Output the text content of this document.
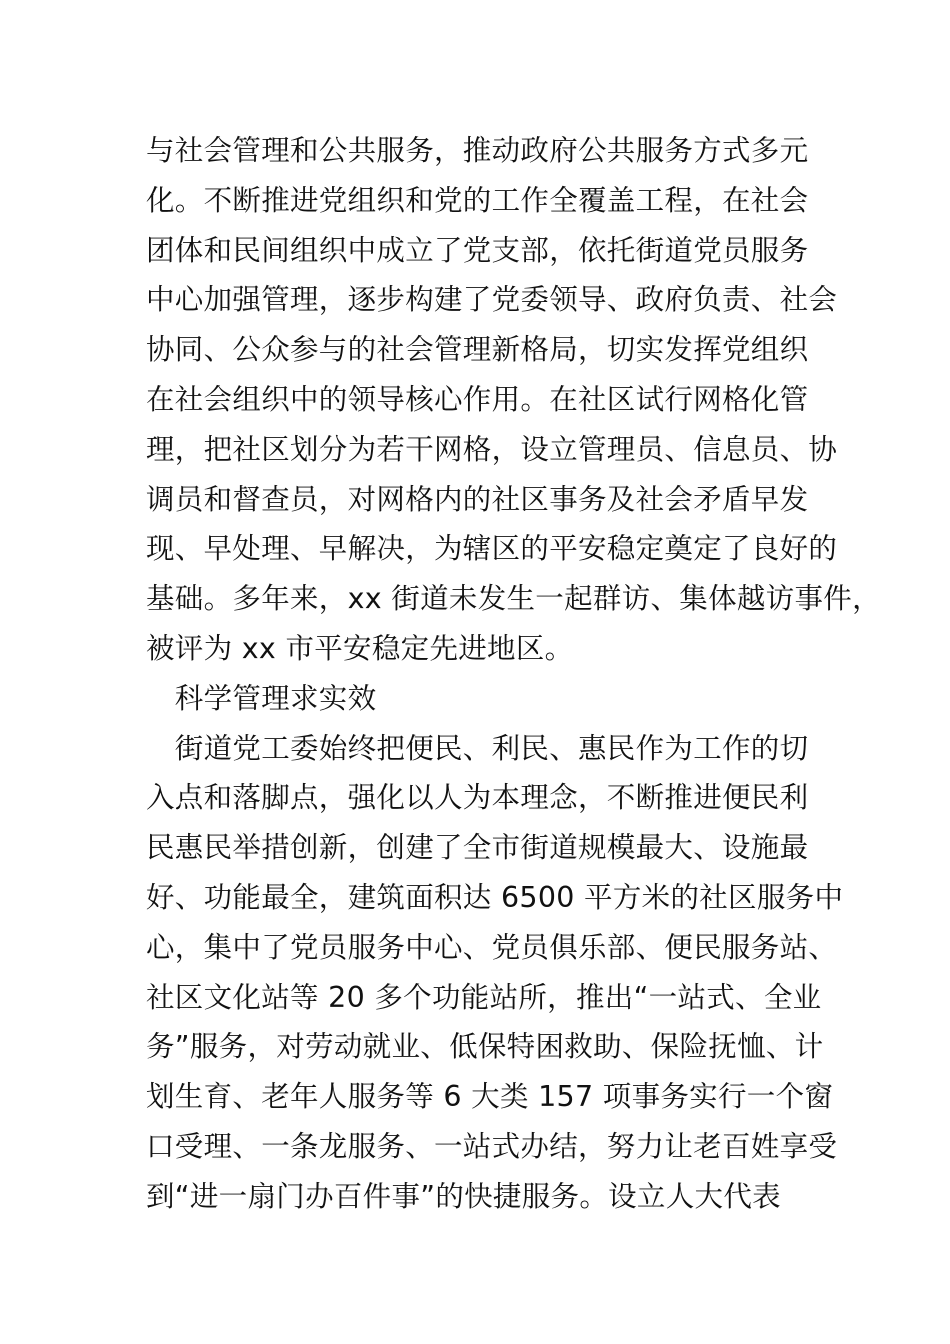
与社会管理和公共服务，推动政府公共服务方式多元
化。不断推进党组织和党的工作全覆盖工程，在社会
团体和民间组织中成立了党支部，依托街道党员服务
中心加强管理，逐步构建了党委领导、政府负责、社会
协同、公众参与的社会管理新格局，切实发挥党组织
在社会组织中的领导核心作用。在社区试行网格化管
理，把社区划分为若干网格，设立管理员、信息员、协
调员和督查员，对网格内的社区事务及社会矛盾早发
现、早处理、早解决，为辖区的平安稳定奠定了良好的
基础。多年来，xx 街道未发生一起群访、集体越访事件，
被评为 xx 市平安稳定先进地区。
　科学管理求实效
　街道党工委始终把便民、利民、惠民作为工作的切
入点和落脚点，强化以人为本理念，不断推进便民利
民惠民举措创新，创建了全市街道规模最大、设施最
好、功能最全，建筑面积达 6500 平方米的社区服务中
心，集中了党员服务中心、党员俱乐部、便民服务站、
社区文化站等 20 多个功能站所，推出“一站式、全业
务”服务，对劳动就业、低保特困救助、保险抚恤、计
划生育、老年人服务等 6 大类 157 项事务实行一个窗
口受理、一条龙服务、一站式办结，努力让老百姓享受
到“进一扇门办百件事”的快捷服务。设立人大代表
